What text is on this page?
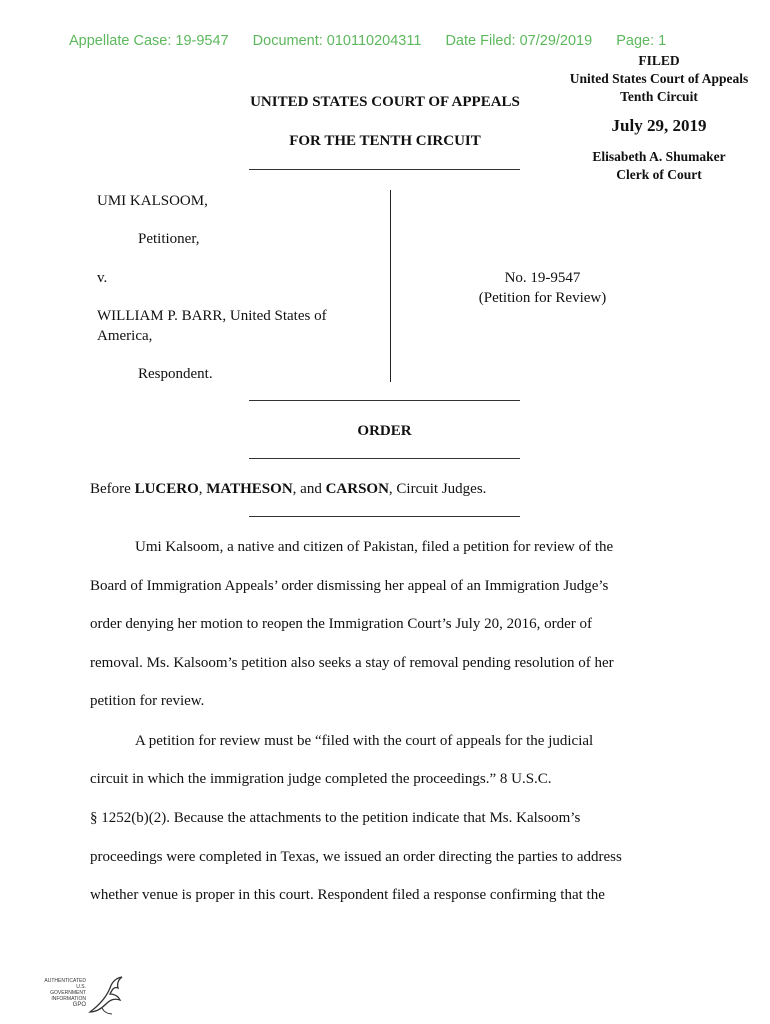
Appellate Case: 19-9547 Document: 010110204311 Date Filed: 07/29/2019 Page: 1
FILED
United States Court of Appeals
Tenth Circuit
July 29, 2019
Elisabeth A. Shumaker
Clerk of Court
UNITED STATES COURT OF APPEALS
FOR THE TENTH CIRCUIT
UMI KALSOOM,
Petitioner,
v.
WILLIAM P. BARR, United States of
America,
Respondent.
No. 19-9547
(Petition for Review)
ORDER
Before LUCERO, MATHESON, and CARSON, Circuit Judges.
Umi Kalsoom, a native and citizen of Pakistan, filed a petition for review of the
Board of Immigration Appeals’ order dismissing her appeal of an Immigration Judge’s
order denying her motion to reopen the Immigration Court’s July 20, 2016, order of
removal. Ms. Kalsoom’s petition also seeks a stay of removal pending resolution of her
petition for review.
A petition for review must be “filed with the court of appeals for the judicial
circuit in which the immigration judge completed the proceedings.” 8 U.S.C.
§ 1252(b)(2). Because the attachments to the petition indicate that Ms. Kalsoom’s
proceedings were completed in Texas, we issued an order directing the parties to address
whether venue is proper in this court. Respondent filed a response confirming that the
AUTHENTICATED
U.S. GOVERNMENT
INFORMATION
GPO
